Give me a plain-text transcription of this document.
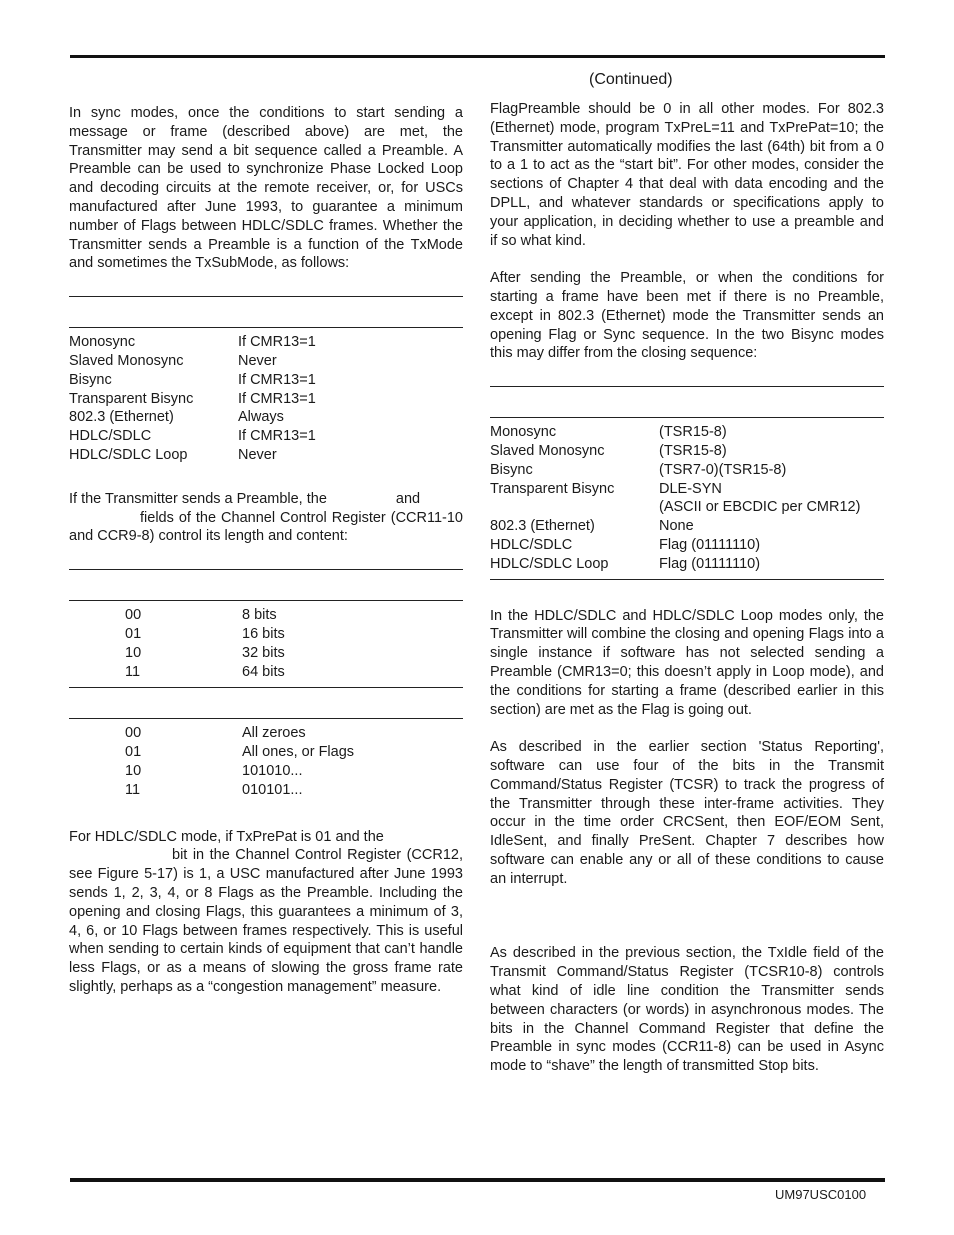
(Continued)

In sync modes, once the conditions to start sending a message or frame (described above) are met, the Transmitter may send a bit sequence called a Preamble. A Preamble can be used to synchronize Phase Locked Loop and decoding circuits at the remote receiver, or, for USCs manufactured after June 1993, to guarantee a minimum number of Flags between HDLC/SDLC frames. Whether the Transmitter sends a Preamble is a function of the TxMode and sometimes the TxSubMode, as follows:

Monosync	If CMR13=1
Slaved Monosync	Never
Bisync	If CMR13=1
Transparent Bisync	If CMR13=1
802.3 (Ethernet)	Always
HDLC/SDLC	If CMR13=1
HDLC/SDLC Loop	Never

If the Transmitter sends a Preamble, the	and
fields of the Channel Control Register (CCR11-10 and CCR9-8) control its length and content:

00	8 bits
01	16 bits
10	32 bits
11	64 bits
00	All zeroes
01	All ones, or Flags
10	101010...
11	010101...

For HDLC/SDLC mode, if TxPrePat is 01 and the
bit in the Channel Control Register (CCR12, see Figure 5-17) is 1, a USC manufactured after June 1993 sends 1, 2, 3, 4, or 8 Flags as the Preamble. Including the opening and closing Flags, this guarantees a minimum of 3, 4, 6, or 10 Flags between frames respectively. This is useful when sending to certain kinds of equipment that can’t handle less Flags, or as a means of slowing the gross frame rate slightly, perhaps as a “congestion management” measure.

FlagPreamble should be 0 in all other modes. For 802.3 (Ethernet) mode, program TxPreL=11 and TxPrePat=10; the Transmitter automatically modifies the last (64th) bit from a 0 to a 1 to act as the “start bit”. For other modes, consider the sections of Chapter 4 that deal with data encoding and the DPLL, and whatever standards or specifications apply to your application, in deciding whether to use a preamble and if so what kind.

After sending the Preamble, or when the conditions for starting a frame have been met if there is no Preamble, except in 802.3 (Ethernet) mode the Transmitter sends an opening Flag or Sync sequence. In the two Bisync modes this may differ from the closing sequence:

Monosync	(TSR15-8)
Slaved Monosync	(TSR15-8)
Bisync	(TSR7-0)(TSR15-8)
Transparent Bisync	DLE-SYN
(ASCII or EBCDIC per CMR12)
802.3 (Ethernet)	None
HDLC/SDLC	Flag (01111110)
HDLC/SDLC Loop	Flag (01111110)

In the HDLC/SDLC and HDLC/SDLC Loop modes only, the Transmitter will combine the closing and opening Flags into a single instance if software has not selected sending a Preamble (CMR13=0; this doesn’t apply in Loop mode), and the conditions for starting a frame (described earlier in this section) are met as the Flag is going out.

As described in the earlier section 'Status Reporting', software can use four of the bits in the Transmit Command/Status Register (TCSR) to track the progress of the Transmitter through these inter-frame activities. They occur in the time order CRCSent, then EOF/EOM Sent, IdleSent, and finally PreSent. Chapter 7 describes how software can enable any or all of these conditions to cause an interrupt.

As described in the previous section, the TxIdle field of the Transmit Command/Status Register (TCSR10-8) controls what kind of idle line condition the Transmitter sends between characters (or words) in asynchronous modes. The bits in the Channel Command Register that define the Preamble in sync modes (CCR11-8) can be used in Async mode to “shave” the length of transmitted Stop bits.

UM97USC0100
